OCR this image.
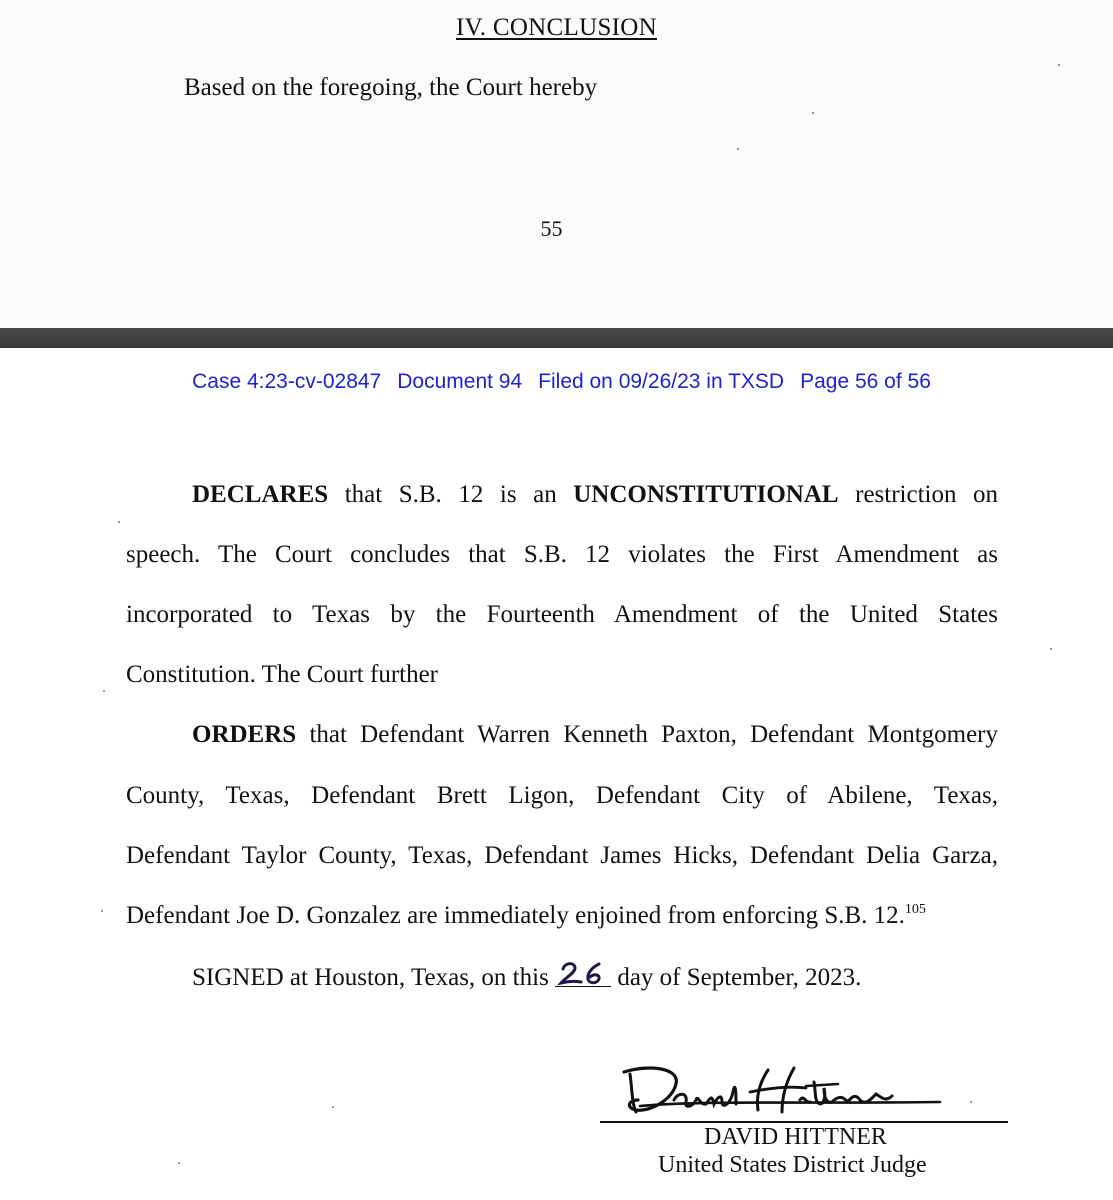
IV. CONCLUSION
Based on the foregoing, the Court hereby
55
Case 4:23-cv-02847 Document 94 Filed on 09/26/23 in TXSD Page 56 of 56
DECLARES that S.B. 12 is an UNCONSTITUTIONAL restriction on
speech. The Court concludes that S.B. 12 violates the First Amendment as
incorporated to Texas by the Fourteenth Amendment of the United States
Constitution. The Court further
ORDERS that Defendant Warren Kenneth Paxton, Defendant Montgomery
County, Texas, Defendant Brett Ligon, Defendant City of Abilene, Texas,
Defendant Taylor County, Texas, Defendant James Hicks, Defendant Delia Garza,
Defendant Joe D. Gonzalez are immediately enjoined from enforcing S.B. 12.$^{105}$
SIGNED at Houston, Texas, on this	day of September, 2023.
DAVID HITTNER
United States District Judge
